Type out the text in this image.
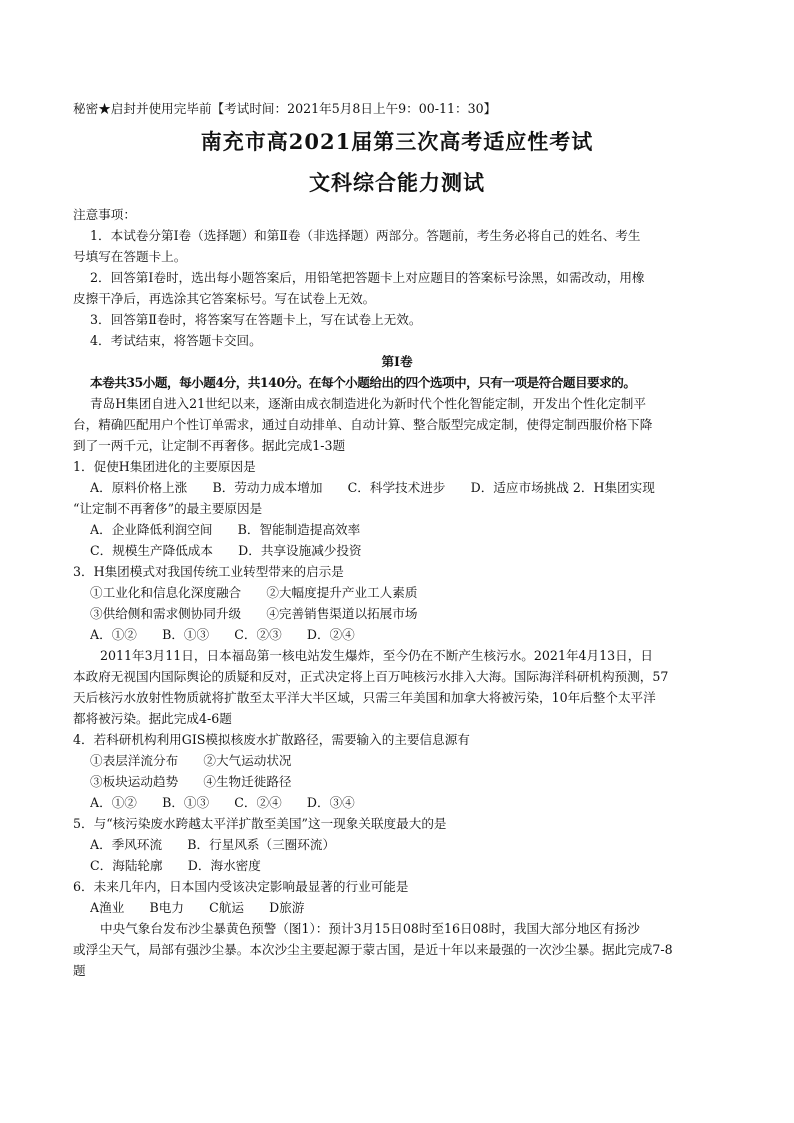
秘密★启封并使用完毕前【考试时间：2021年5月8日上午9：00-11：30】
南充市高2021届第三次高考适应性考试
文科综合能力测试
注意事项：
1．本试卷分第Ⅰ卷（选择题）和第Ⅱ卷（非选择题）两部分。答题前，考生务必将自己的姓名、考生
号填写在答题卡上。
2．回答第Ⅰ卷时，选出每小题答案后，用铅笔把答题卡上对应题目的答案标号涂黑，如需改动，用橡
皮擦干净后，再选涂其它答案标号。写在试卷上无效。
3．回答第Ⅱ卷时，将答案写在答题卡上，写在试卷上无效。
4．考试结束，将答题卡交回。
第Ⅰ卷
本卷共35小题，每小题4分，共140分。在每个小题给出的四个选项中，只有一项是符合题目要求的。
青岛H集团自进入21世纪以来，逐渐由成衣制造进化为新时代个性化智能定制，开发出个性化定制平
台，精确匹配用户个性订单需求，通过自动排单、自动计算、整合版型完成定制，使得定制西服价格下降
到了一两千元，让定制不再奢侈。据此完成1-3题
1．促使H集团进化的主要原因是
A．原料价格上涨　　B．劳动力成本增加　　C．科学技术进步　　D．适应市场挑战 2．H集团实现
“让定制不再奢侈”的最主要原因是
A．企业降低利润空间　　B．智能制造提高效率
C．规模生产降低成本　　D．共享设施减少投资
3．H集团模式对我国传统工业转型带来的启示是
①工业化和信息化深度融合　　②大幅度提升产业工人素质
③供给侧和需求侧协同升级　　④完善销售渠道以拓展市场
A．①②　　B．①③　　C．②③　　D．②④
2011年3月11日，日本福岛第一核电站发生爆炸，至今仍在不断产生核污水。2021年4月13日，日
本政府无视国内国际舆论的质疑和反对，正式决定将上百万吨核污水排入大海。国际海洋科研机构预测，57
天后核污水放射性物质就将扩散至太平洋大半区域，只需三年美国和加拿大将被污染，10年后整个太平洋
都将被污染。据此完成4-6题
4．若科研机构利用GIS模拟核废水扩散路径，需要输入的主要信息源有
①表层洋流分布　　②大气运动状况
③板块运动趋势　　④生物迁徙路径
A．①②　　B．①③　　C．②④　　D．③④
5．与“核污染废水跨越太平洋扩散至美国”这一现象关联度最大的是
A．季风环流　　B．行星风系（三圈环流）
C．海陆轮廓　　D．海水密度
6．未来几年内，日本国内受该决定影响最显著的行业可能是
A渔业　　B电力　　C航运　　D旅游
中央气象台发布沙尘暴黄色预警（图1）：预计3月15日08时至16日08时，我国大部分地区有扬沙
或浮尘天气，局部有强沙尘暴。本次沙尘主要起源于蒙古国，是近十年以来最强的一次沙尘暴。据此完成7-8
题
